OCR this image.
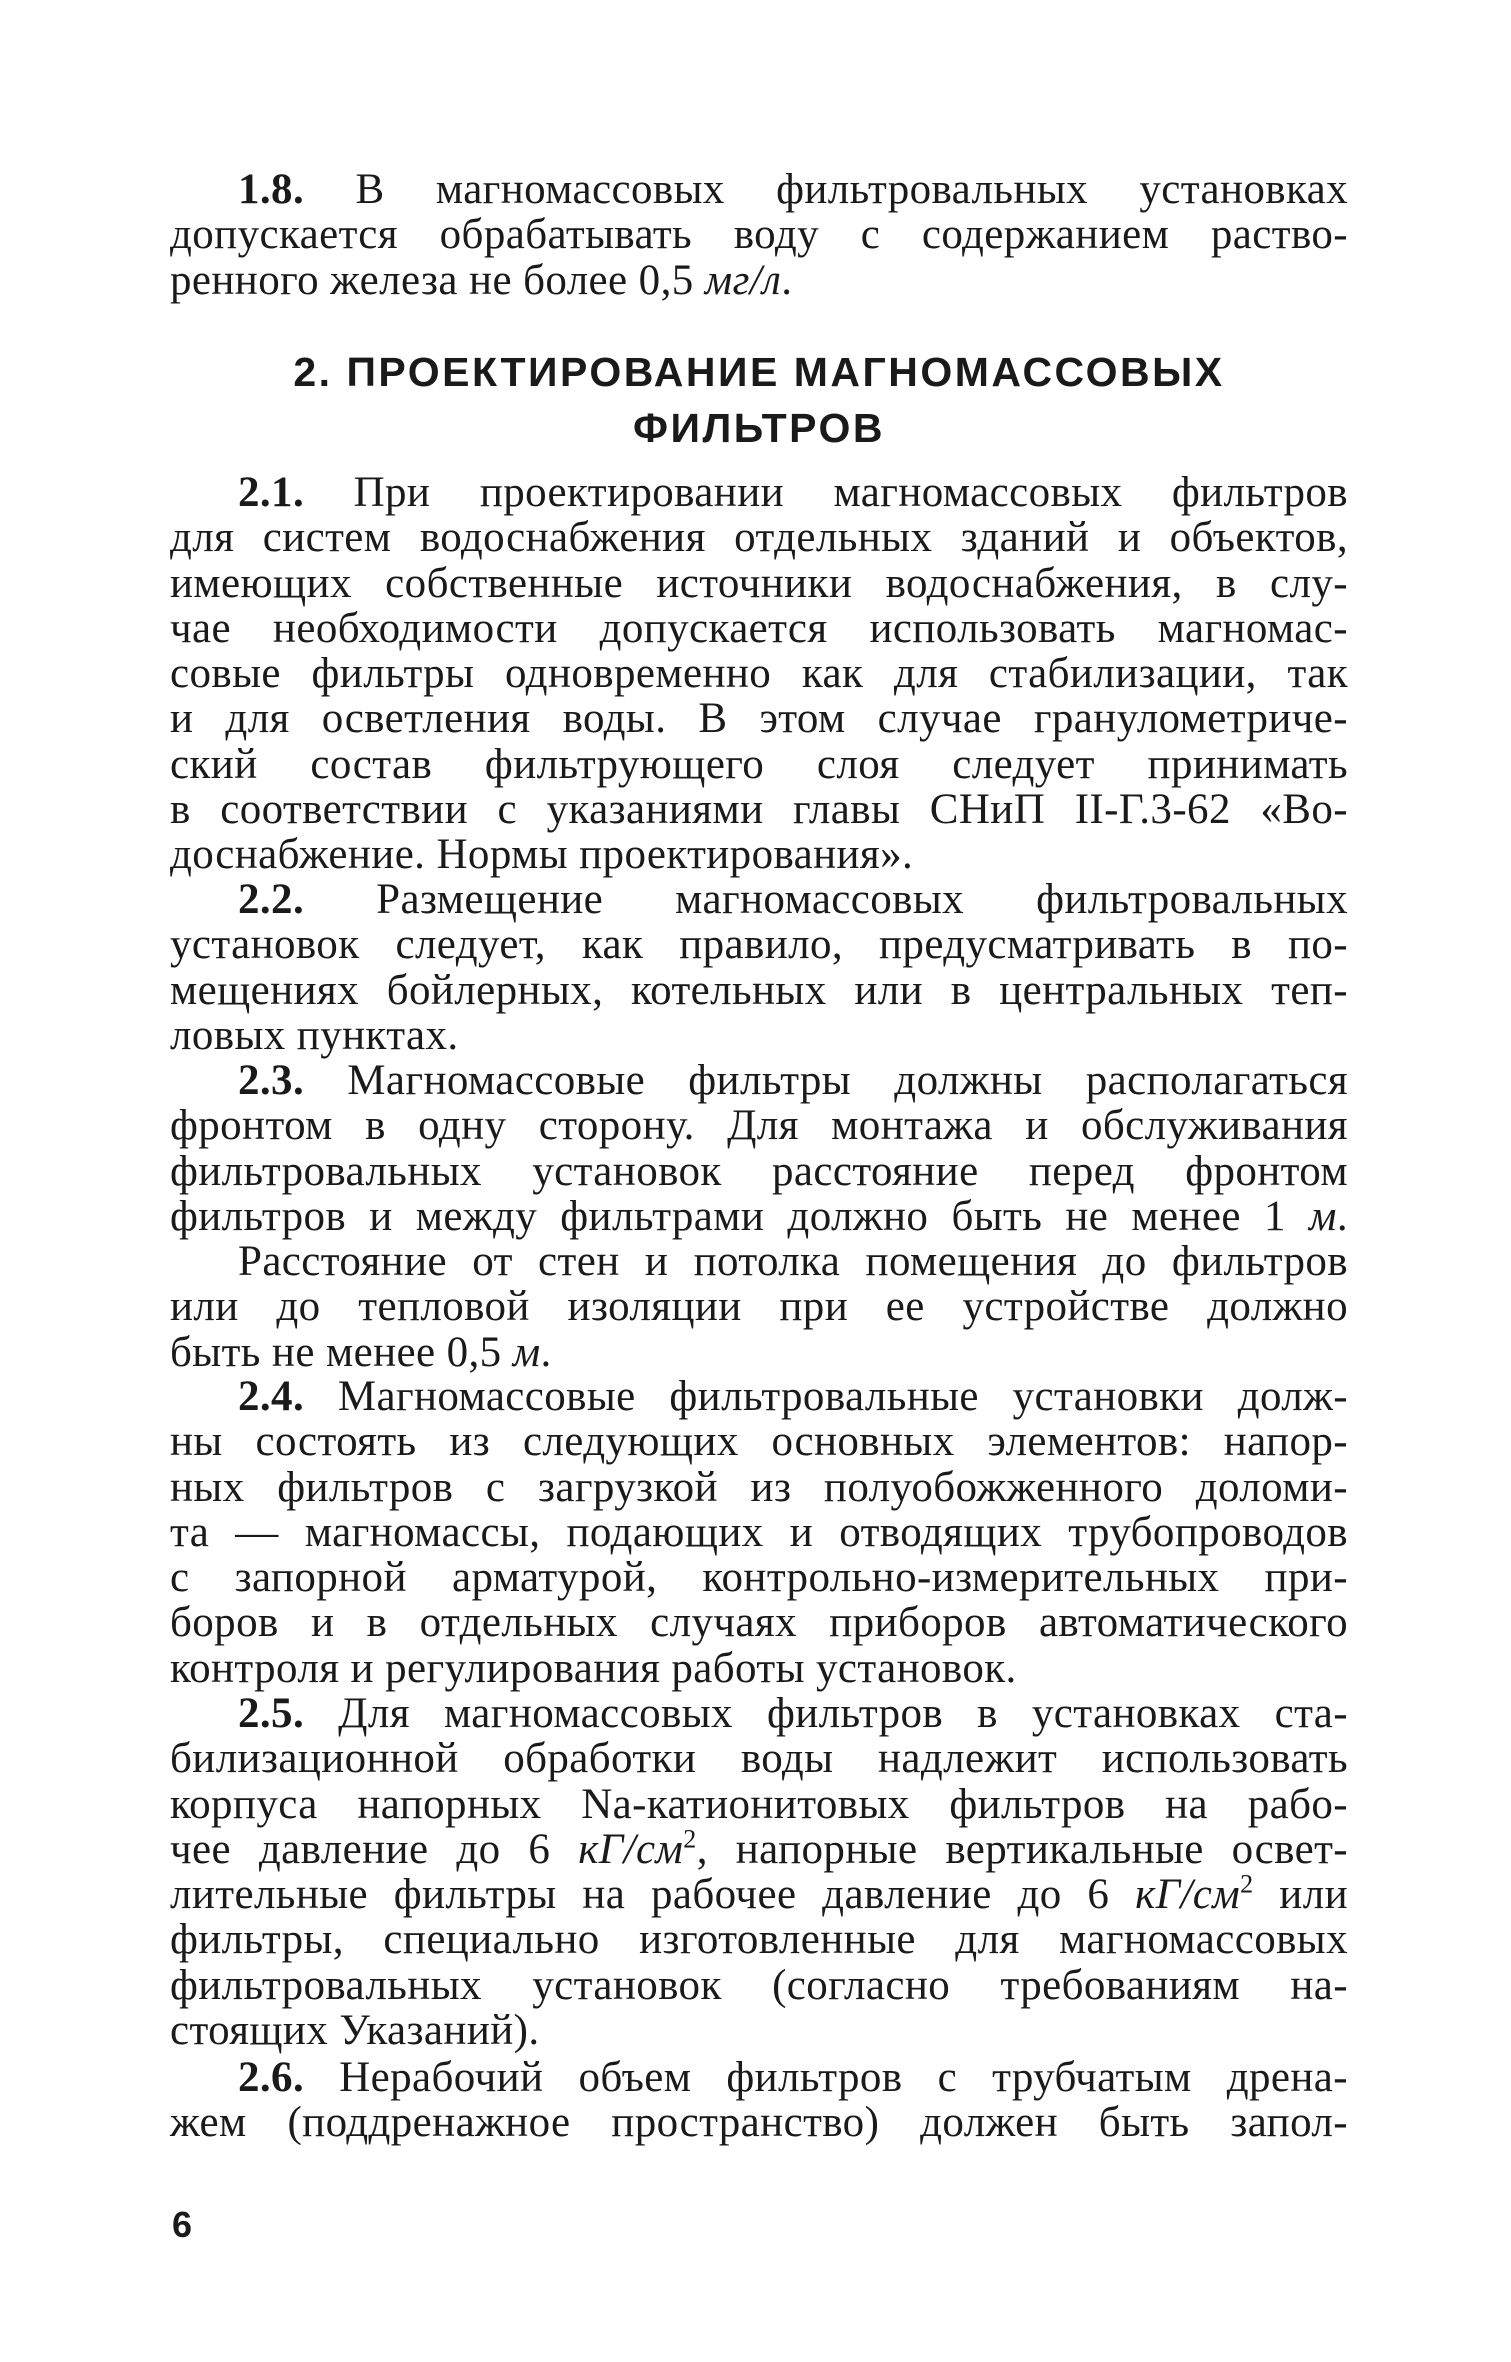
1.8. В магномассовых фильтровальных установках
допускается обрабатывать воду с содержанием раство-
ренного железа не более 0,5 мг/л.
2. ПРОЕКТИРОВАНИЕ МАГНОМАССОВЫХ
ФИЛЬТРОВ
2.1. При проектировании магномассовых фильтров
для систем водоснабжения отдельных зданий и объектов,
имеющих собственные источники водоснабжения, в слу-
чае необходимости допускается использовать магномас-
совые фильтры одновременно как для стабилизации, так
и для осветления воды. В этом случае гранулометриче-
ский состав фильтрующего слоя следует принимать
в соответствии с указаниями главы СНиП II-Г.3-62 «Во-
доснабжение. Нормы проектирования».
2.2. Размещение магномассовых фильтровальных
установок следует, как правило, предусматривать в по-
мещениях бойлерных, котельных или в центральных теп-
ловых пунктах.
2.3. Магномассовые фильтры должны располагаться
фронтом в одну сторону. Для монтажа и обслуживания
фильтровальных установок расстояние перед фронтом
фильтров и между фильтрами должно быть не менее 1 м.
Расстояние от стен и потолка помещения до фильтров
или до тепловой изоляции при ее устройстве должно
быть не менее 0,5 м.
2.4. Магномассовые фильтровальные установки долж-
ны состоять из следующих основных элементов: напор-
ных фильтров с загрузкой из полуобожженного доломи-
та — магномассы, подающих и отводящих трубопроводов
с запорной арматурой, контрольно-измерительных при-
боров и в отдельных случаях приборов автоматического
контроля и регулирования работы установок.
2.5. Для магномассовых фильтров в установках ста-
билизационной обработки воды надлежит использовать
корпуса напорных Nа-катионитовых фильтров на рабо-
чее давление до 6 $кГ/см^2$, напорные вертикальные освет-
лительные фильтры на рабочее давление до 6 $кГ/см^2$ или
фильтры, специально изготовленные для магномассовых
фильтровальных установок (согласно требованиям на-
стоящих Указаний).
2.6. Нерабочий объем фильтров с трубчатым дрена-
жем (поддренажное пространство) должен быть запол-
6
